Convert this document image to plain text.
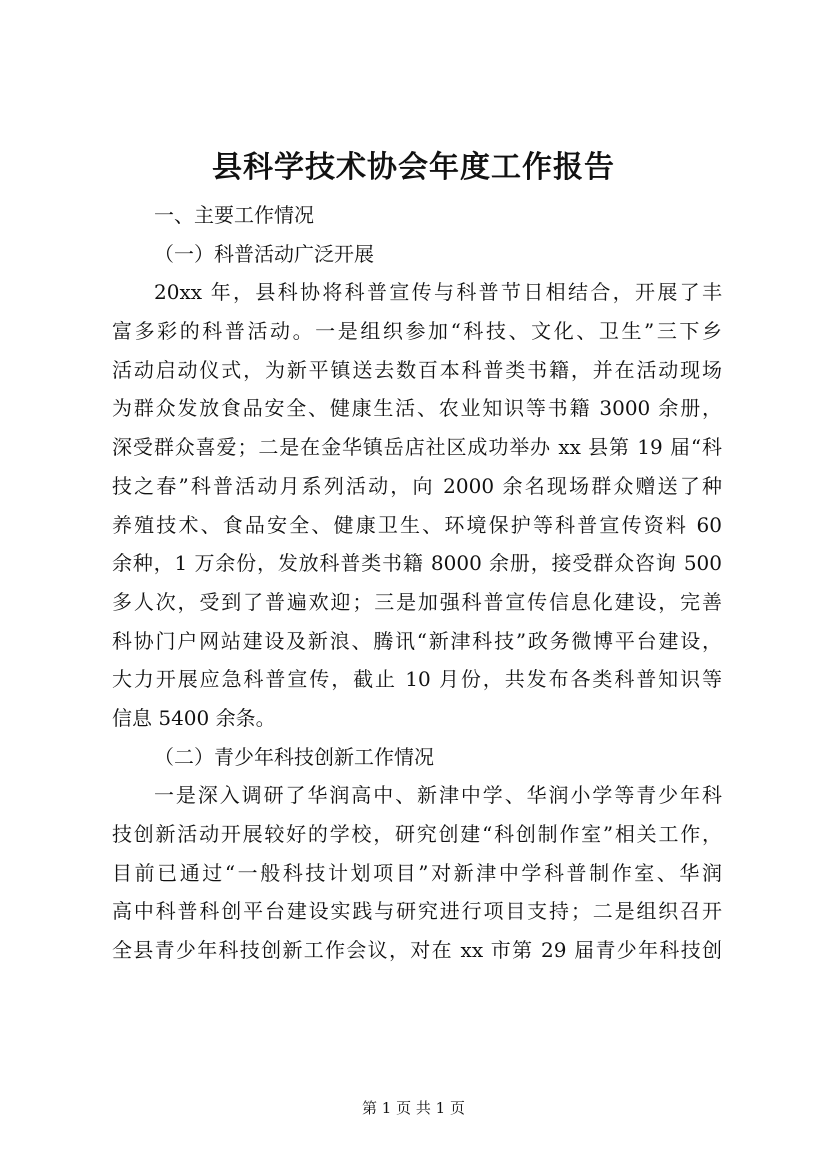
县科学技术协会年度工作报告
一、主要工作情况
（一）科普活动广泛开展
20xx 年，县科协将科普宣传与科普节日相结合，开展了丰
富多彩的科普活动。一是组织参加“科技、文化、卫生”三下乡
活动启动仪式，为新平镇送去数百本科普类书籍，并在活动现场
为群众发放食品安全、健康生活、农业知识等书籍 3000 余册，
深受群众喜爱；二是在金华镇岳店社区成功举办 xx 县第 19 届“科
技之春”科普活动月系列活动，向 2000 余名现场群众赠送了种
养殖技术、食品安全、健康卫生、环境保护等科普宣传资料 60
余种，1 万余份，发放科普类书籍 8000 余册，接受群众咨询 500
多人次，受到了普遍欢迎；三是加强科普宣传信息化建设，完善
科协门户网站建设及新浪、腾讯“新津科技”政务微博平台建设，
大力开展应急科普宣传，截止 10 月份，共发布各类科普知识等
信息 5400 余条。
（二）青少年科技创新工作情况
一是深入调研了华润高中、新津中学、华润小学等青少年科
技创新活动开展较好的学校，研究创建“科创制作室”相关工作，
目前已通过“一般科技计划项目”对新津中学科普制作室、华润
高中科普科创平台建设实践与研究进行项目支持；二是组织召开
全县青少年科技创新工作会议，对在 xx 市第 29 届青少年科技创
第 1 页 共 1 页
